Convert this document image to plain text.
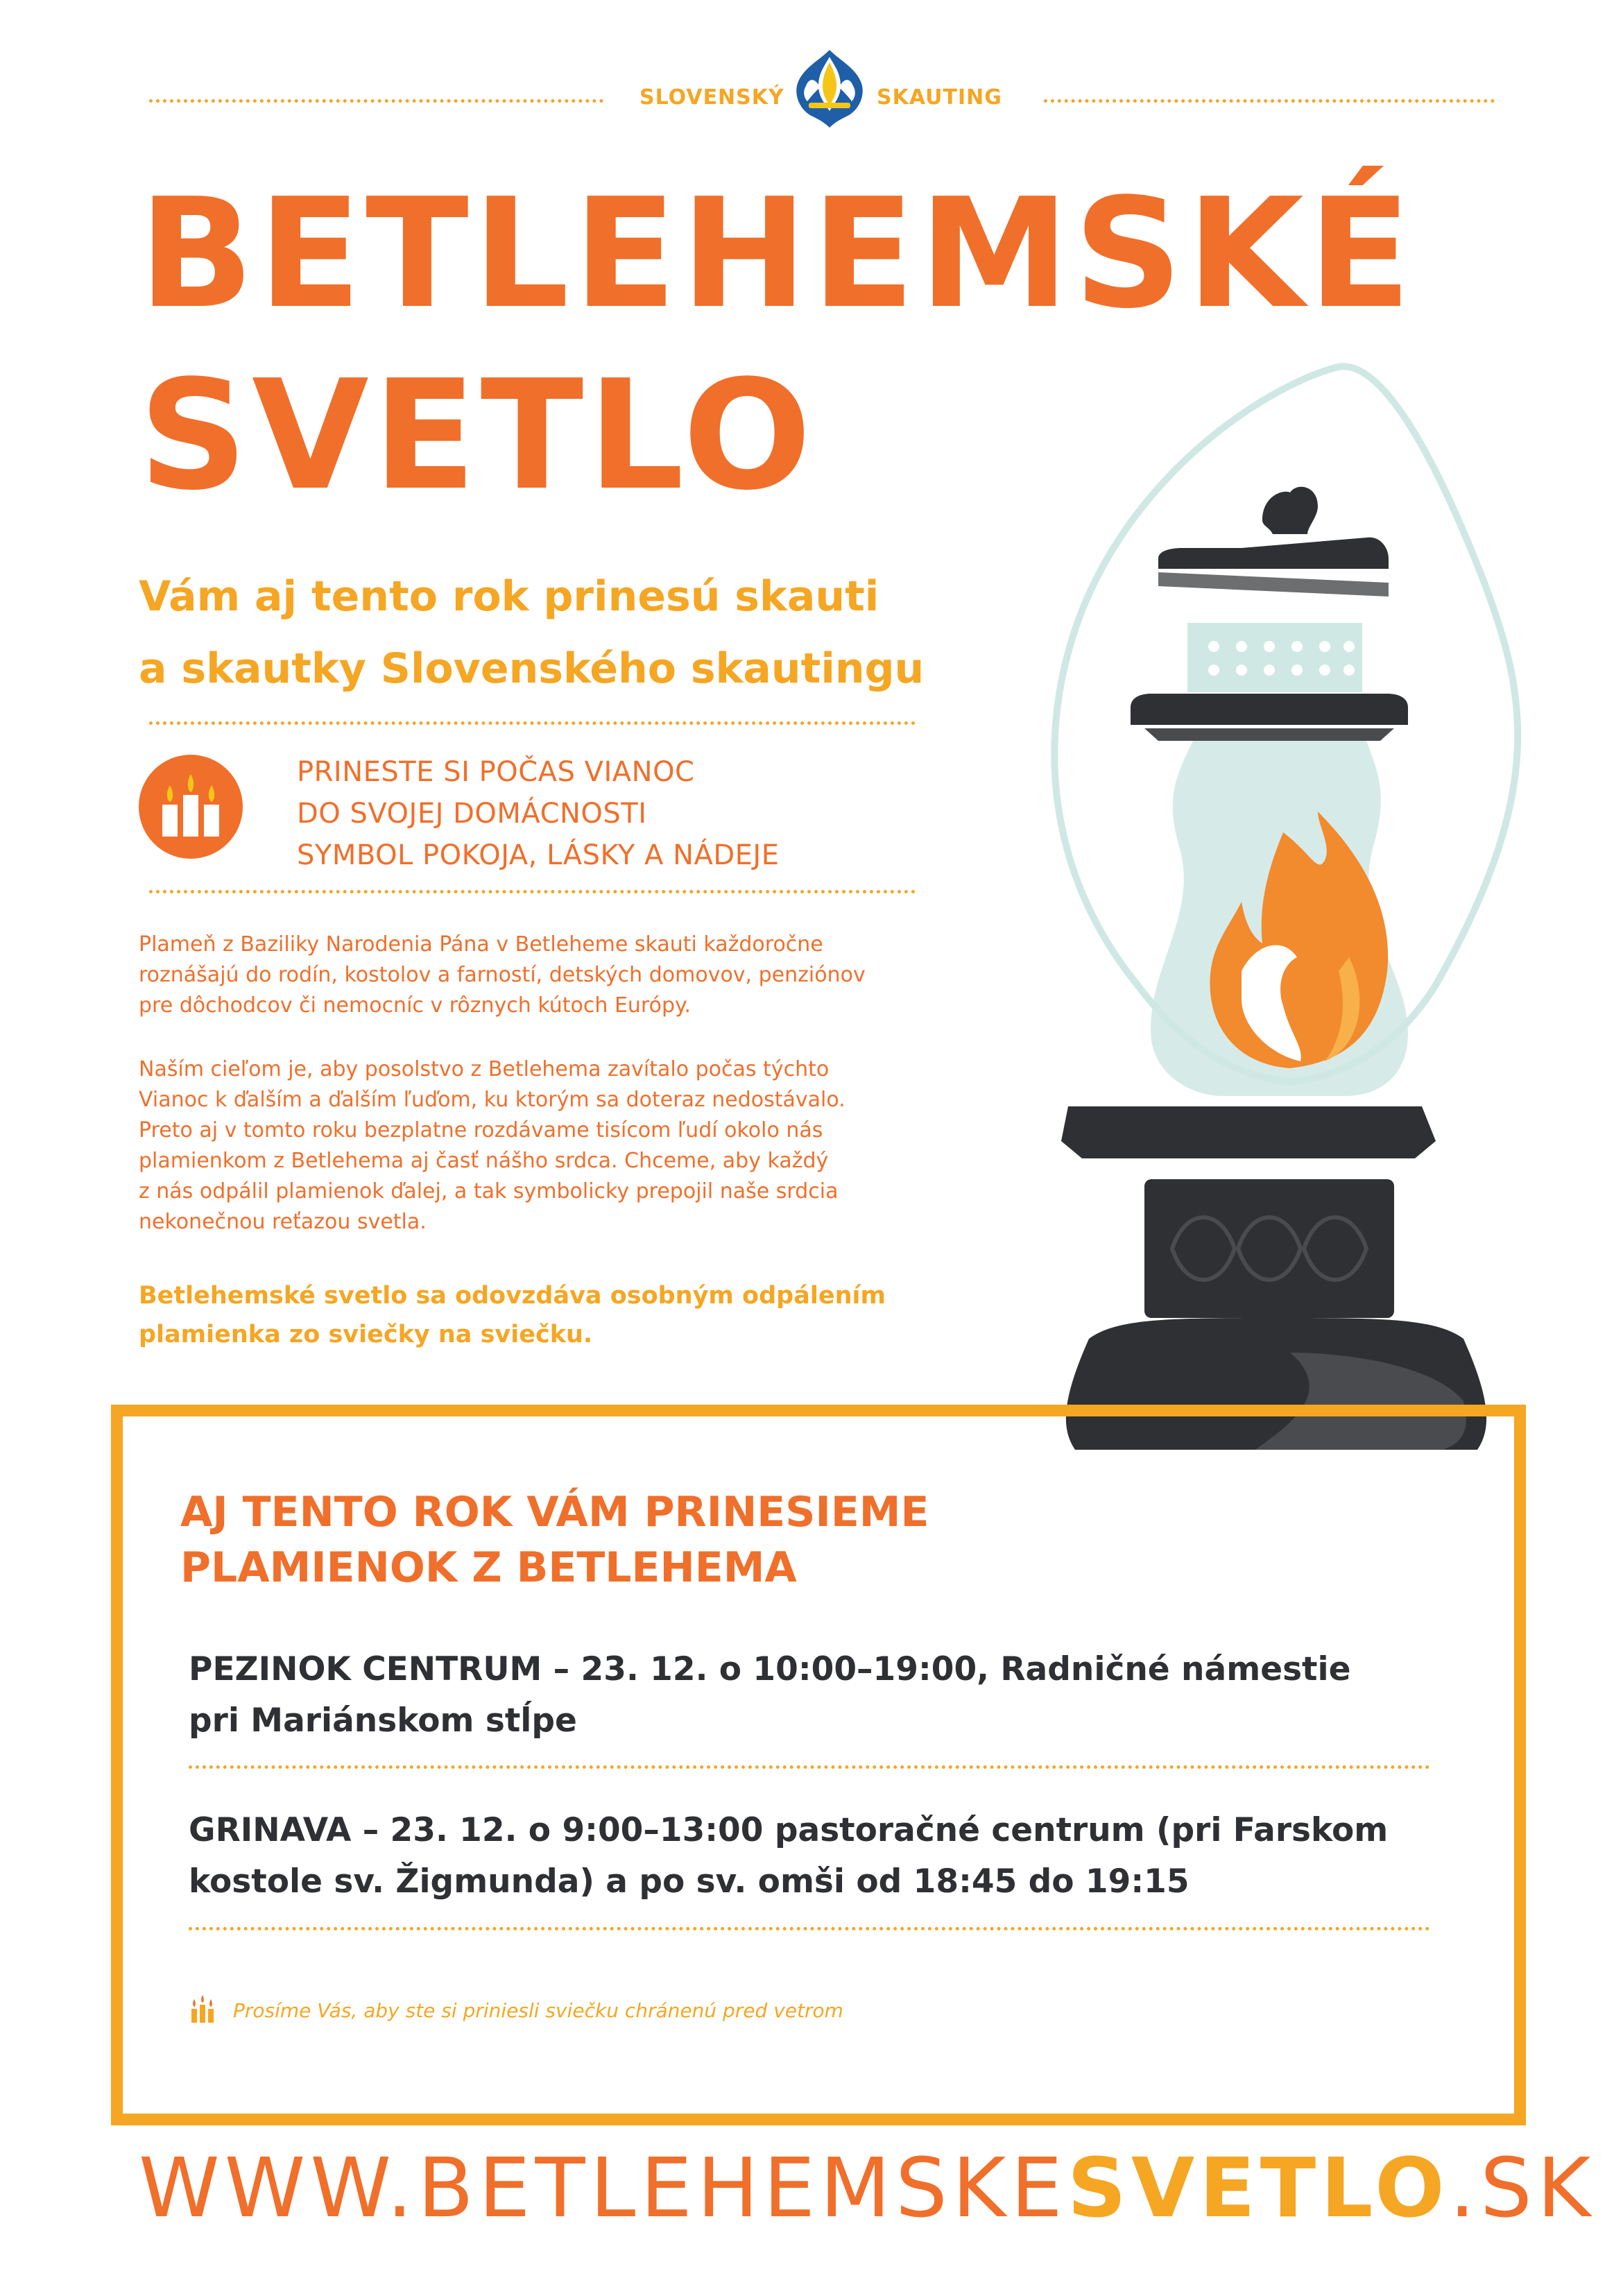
SLOVENSKÝ	SKAUTING
BETLEHEMSKÉ
SVETLO
Vám aj tento rok prinesú skauti
a skautky Slovenského skautingu
PRINESTE SI POČAS VIANOC
DO SVOJEJ DOMÁCNOSTI
SYMBOL POKOJA, LÁSKY A NÁDEJE
Plameň z Baziliky Narodenia Pána v Betleheme skauti každoročne
roznášajú do rodín, kostolov a farností, detských domovov, penziónov
pre dôchodcov či nemocníc v rôznych kútoch Európy.
Naším cieľom je, aby posolstvo z Betlehema zavítalo počas týchto
Vianoc k ďalším a ďalším ľuďom, ku ktorým sa doteraz nedostávalo.
Preto aj v tomto roku bezplatne rozdávame tisícom ľudí okolo nás
plamienkom z Betlehema aj časť nášho srdca. Chceme, aby každý
z nás odpálil plamienok ďalej, a tak symbolicky prepojil naše srdcia
nekonečnou reťazou svetla.
Betlehemské svetlo sa odovzdáva osobným odpálením
plamienka zo sviečky na sviečku.
AJ TENTO ROK VÁM PRINESIEME
PLAMIENOK Z BETLEHEMA
PEZINOK CENTRUM – 23. 12. o 10:00–19:00, Radničné námestie
pri Mariánskom stĺpe
GRINAVA – 23. 12. o 9:00–13:00 pastoračné centrum (pri Farskom
kostole sv. Žigmunda) a po sv. omši od 18:45 do 19:15
Prosíme Vás, aby ste si priniesli sviečku chránenú pred vetrom
WWW.BETLEHEMSKESVETLO.SK
